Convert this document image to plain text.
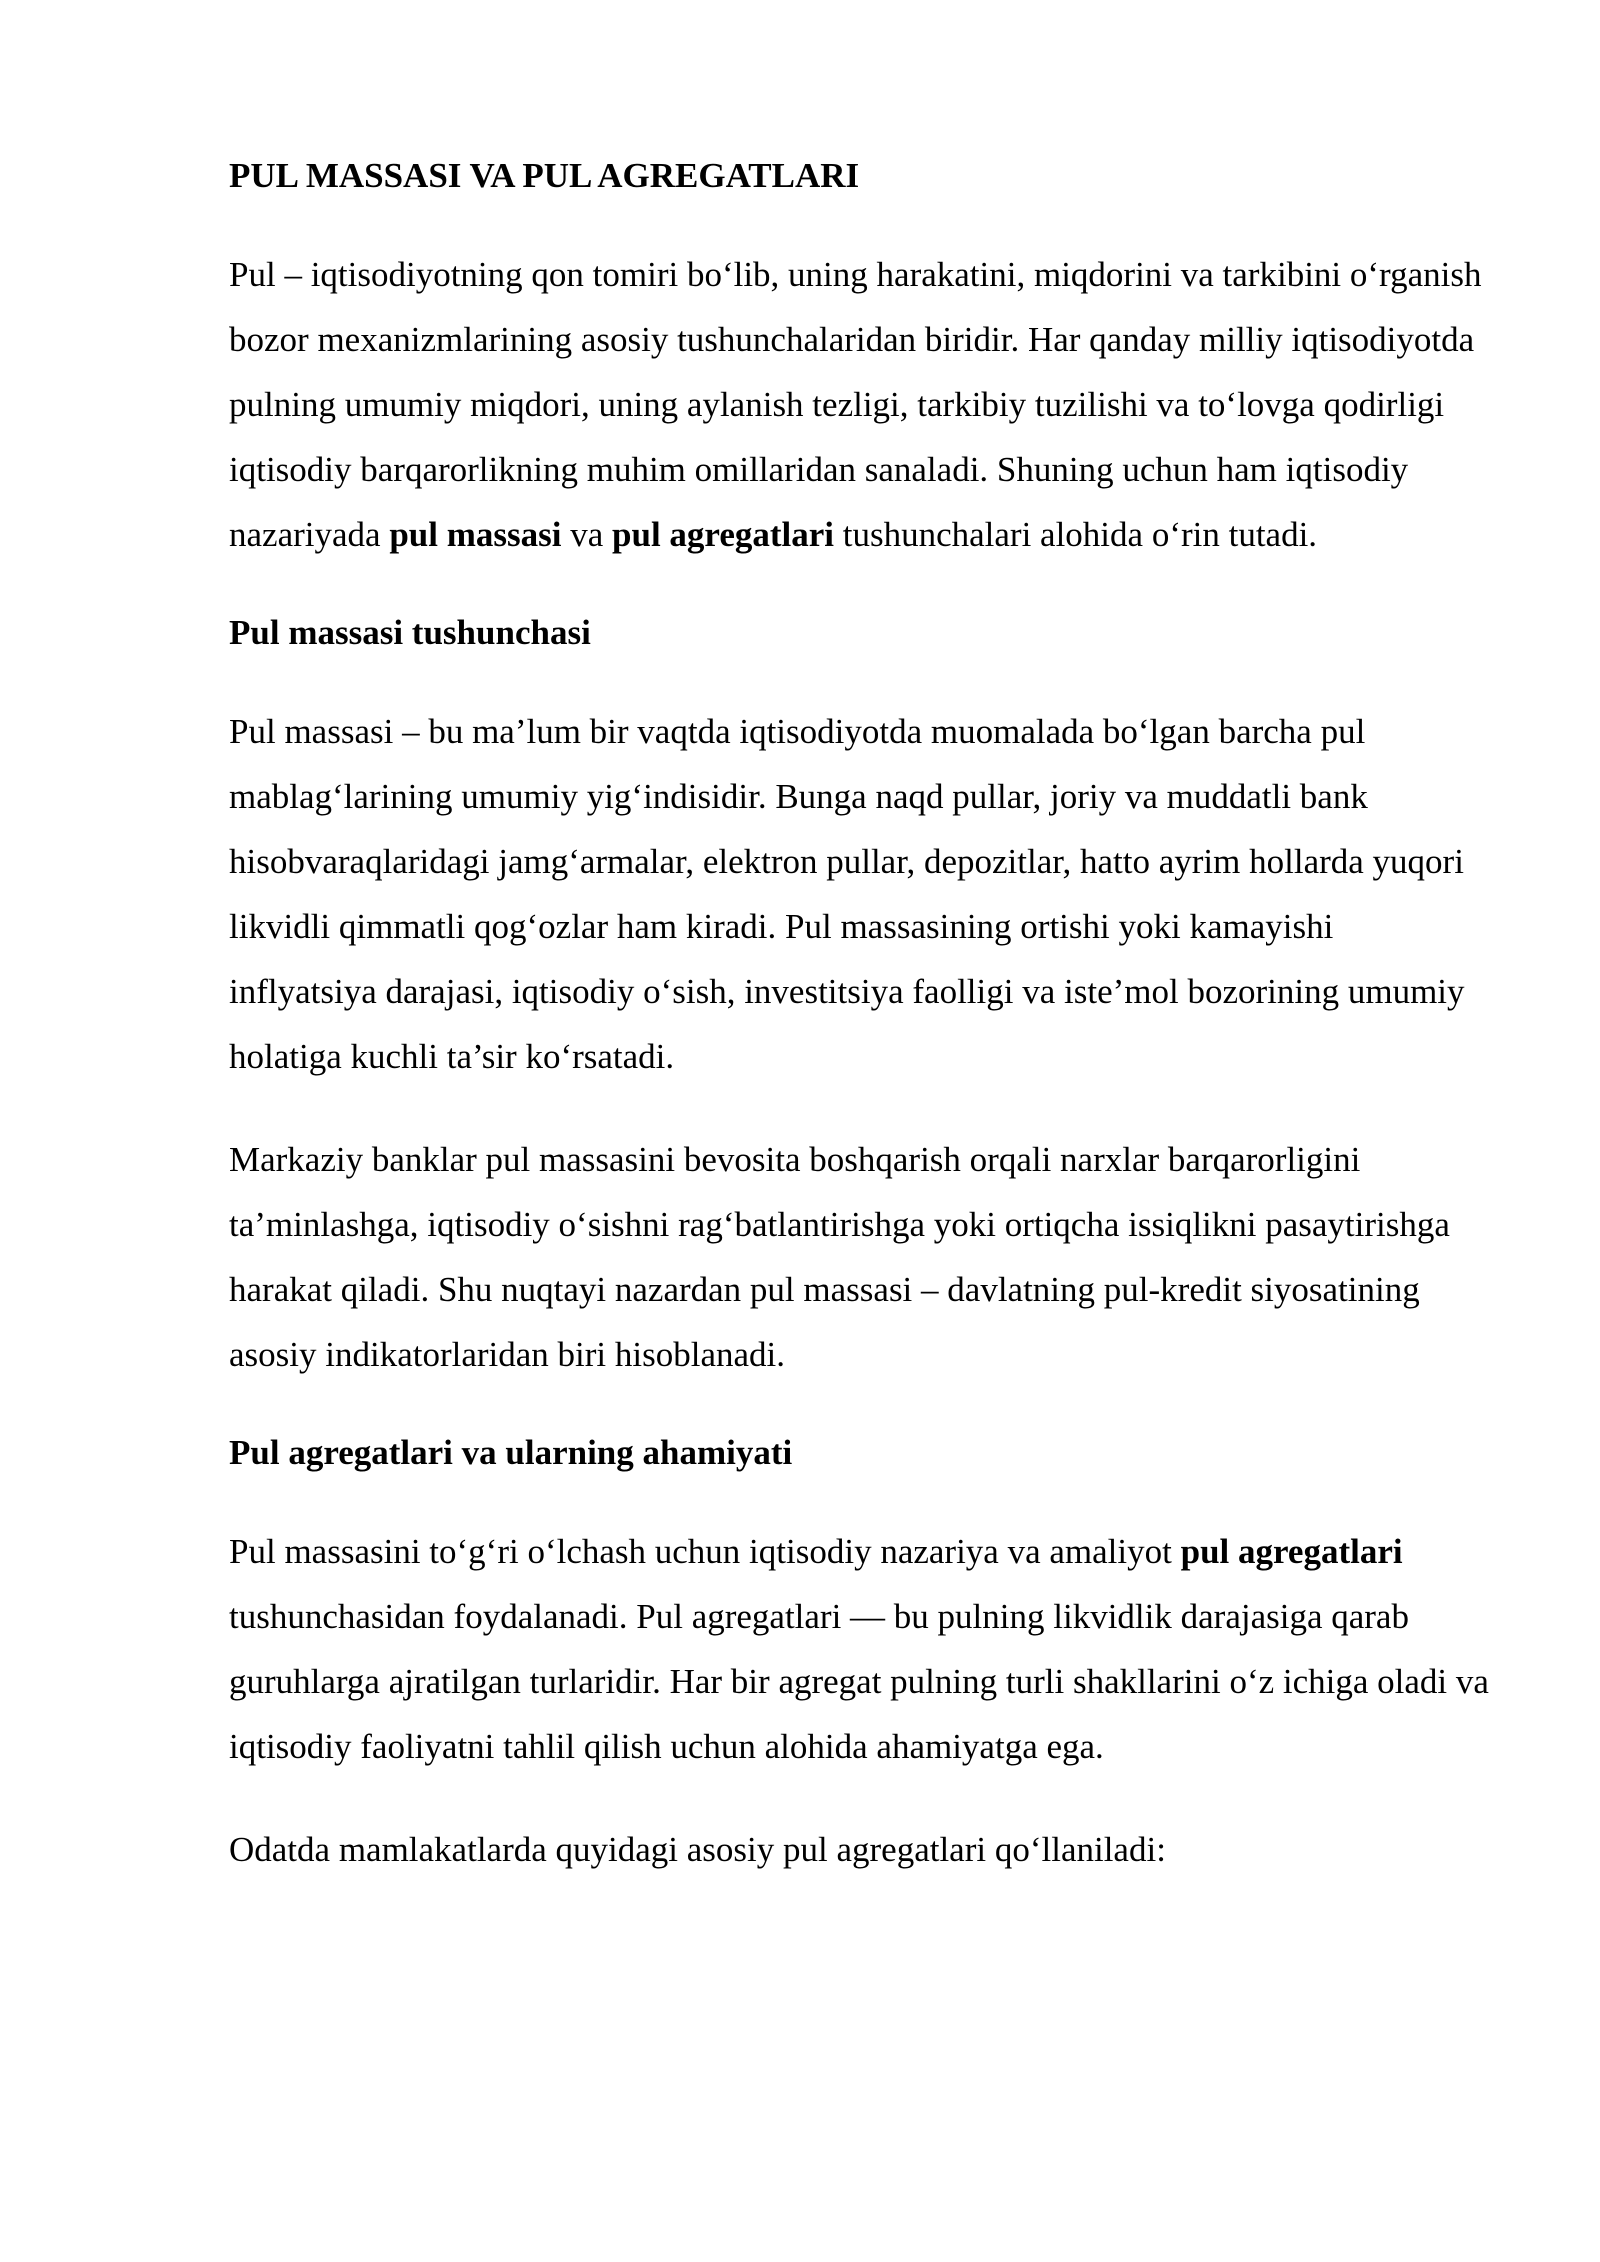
PUL MASSASI VA PUL AGREGATLARI

Pul – iqtisodiyotning qon tomiri bo‘lib, uning harakatini, miqdorini va tarkibini o‘rganish bozor mexanizmlarining asosiy tushunchalaridan biridir. Har qanday milliy iqtisodiyotda pulning umumiy miqdori, uning aylanish tezligi, tarkibiy tuzilishi va to‘lovga qodirligi iqtisodiy barqarorlikning muhim omillaridan sanaladi. Shuning uchun ham iqtisodiy nazariyada pul massasi va pul agregatlari tushunchalari alohida o‘rin tutadi.

Pul massasi tushunchasi

Pul massasi – bu ma’lum bir vaqtda iqtisodiyotda muomalada bo‘lgan barcha pul mablag‘larining umumiy yig‘indisidir. Bunga naqd pullar, joriy va muddatli bank hisobvaraqlaridagi jamg‘armalar, elektron pullar, depozitlar, hatto ayrim hollarda yuqori likvidli qimmatli qog‘ozlar ham kiradi. Pul massasining ortishi yoki kamayishi inflyatsiya darajasi, iqtisodiy o‘sish, investitsiya faolligi va iste’mol bozorining umumiy holatiga kuchli ta’sir ko‘rsatadi.

Markaziy banklar pul massasini bevosita boshqarish orqali narxlar barqarorligini ta’minlashga, iqtisodiy o‘sishni rag‘batlantirishga yoki ortiqcha issiqlikni pasaytirishga harakat qiladi. Shu nuqtayi nazardan pul massasi – davlatning pul-kredit siyosatining asosiy indikatorlaridan biri hisoblanadi.

Pul agregatlari va ularning ahamiyati

Pul massasini to‘g‘ri o‘lchash uchun iqtisodiy nazariya va amaliyot pul agregatlari tushunchasidan foydalanadi. Pul agregatlari — bu pulning likvidlik darajasiga qarab guruhlarga ajratilgan turlaridir. Har bir agregat pulning turli shakllarini o‘z ichiga oladi va iqtisodiy faoliyatni tahlil qilish uchun alohida ahamiyatga ega.

Odatda mamlakatlarda quyidagi asosiy pul agregatlari qo‘llaniladi:
